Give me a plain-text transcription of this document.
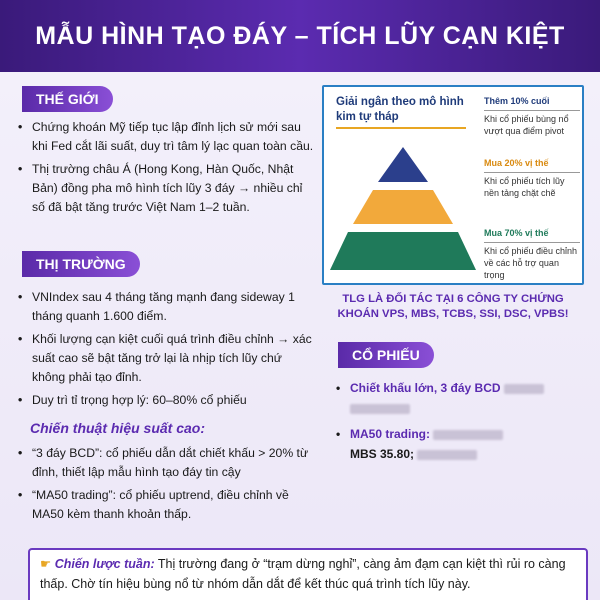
MẪU HÌNH TẠO ĐÁY – TÍCH LŨY CẠN KIỆT
THẾ GIỚI
• Chứng khoán Mỹ tiếp tục lập đỉnh lịch sử mới sau khi Fed cắt lãi suất, duy trì tâm lý lạc quan toàn cầu.
• Thị trường châu Á (Hong Kong, Hàn Quốc, Nhật Bản) đồng pha mô hình tích lũy 3 đáy → nhiều chỉ số đã bật tăng trước Việt Nam 1–2 tuần.
THỊ TRƯỜNG
• VNIndex sau 4 tháng tăng mạnh đang sideway 1 tháng quanh 1.600 điểm.
• Khối lượng cạn kiệt cuối quá trình điều chỉnh → xác suất cao sẽ bật tăng trở lại là nhịp tích lũy chứ không phải tạo đỉnh.
• Duy trì tỉ trọng hợp lý: 60–80% cổ phiếu
Chiến thuật hiệu suất cao:
• “3 đáy BCD”: cổ phiếu dẫn dắt chiết khấu > 20% từ đỉnh, thiết lập mẫu hình tạo đáy tin cậy
• “MA50 trading”: cổ phiếu uptrend, điều chỉnh về MA50 kèm thanh khoản thấp.
Giải ngân theo mô hình kim tự tháp
Thêm 10% cuối
Khi cổ phiếu bùng nổ vượt qua điểm pivot
Mua 20% vị thế
Khi cổ phiếu tích lũy nền tảng chặt chẽ
Mua 70% vị thế
Khi cổ phiếu điều chỉnh về các hỗ trợ quan trọng
TLG LÀ ĐỐI TÁC TẠI 6 CÔNG TY CHỨNG KHOÁN VPS, MBS, TCBS, SSI, DSC, VPBS!
CỔ PHIẾU
• Chiết khấu lớn, 3 đáy BCD
• MA50 trading:
MBS 35.80;
☛ Chiến lược tuần: Thị trường đang ở “trạm dừng nghỉ”, càng ảm đạm cạn kiệt thì rủi ro càng thấp. Chờ tín hiệu bùng nổ từ nhóm dẫn dắt để kết thúc quá trình tích lũy này.
